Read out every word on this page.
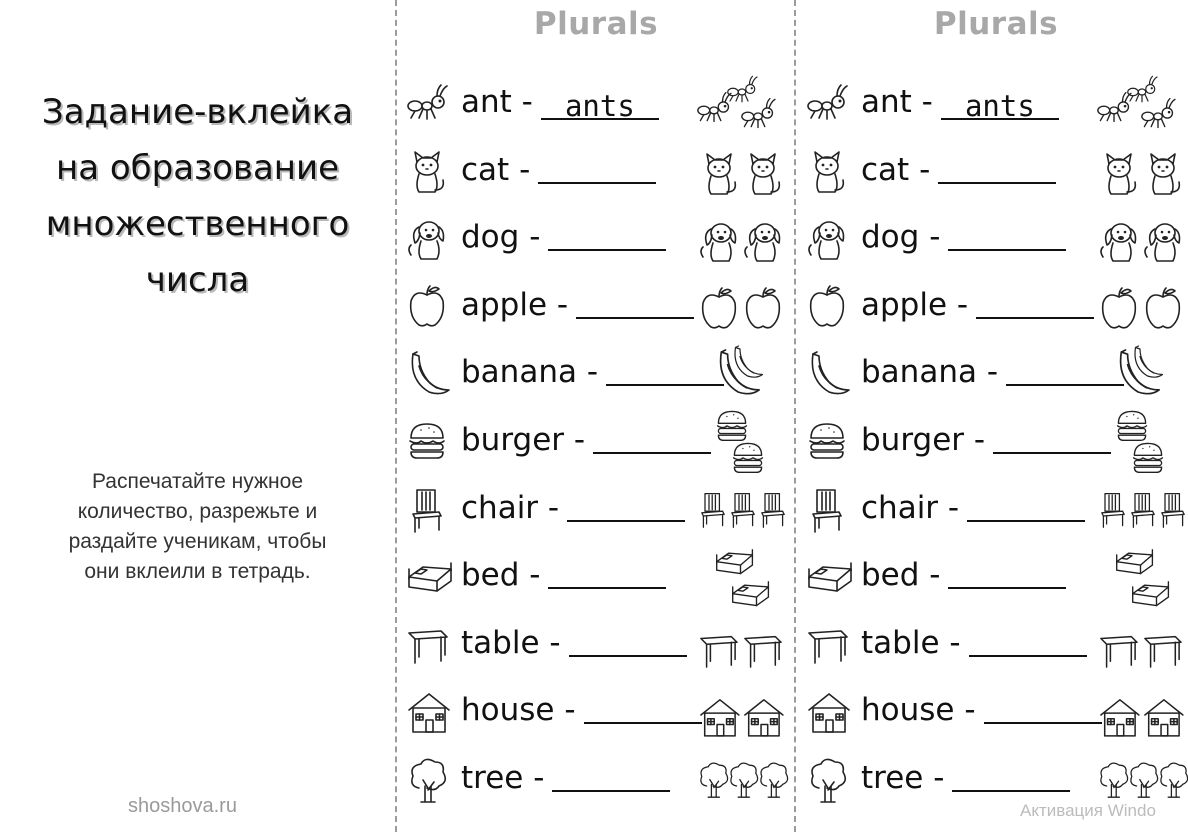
Задание-вклейка
на образование
множественного
числа
Распечатайте нужное
количество, разрежьте и
раздайте ученикам, чтобы
они вклеили в тетрадь.
shoshova.ru
Plurals
ant - ants
cat -
dog -
apple -
banana -
burger -
chair -
bed -
table -
house -
tree -
Plurals
ant - ants
cat -
dog -
apple -
banana -
burger -
chair -
bed -
table -
house -
tree -
Активация Windo
